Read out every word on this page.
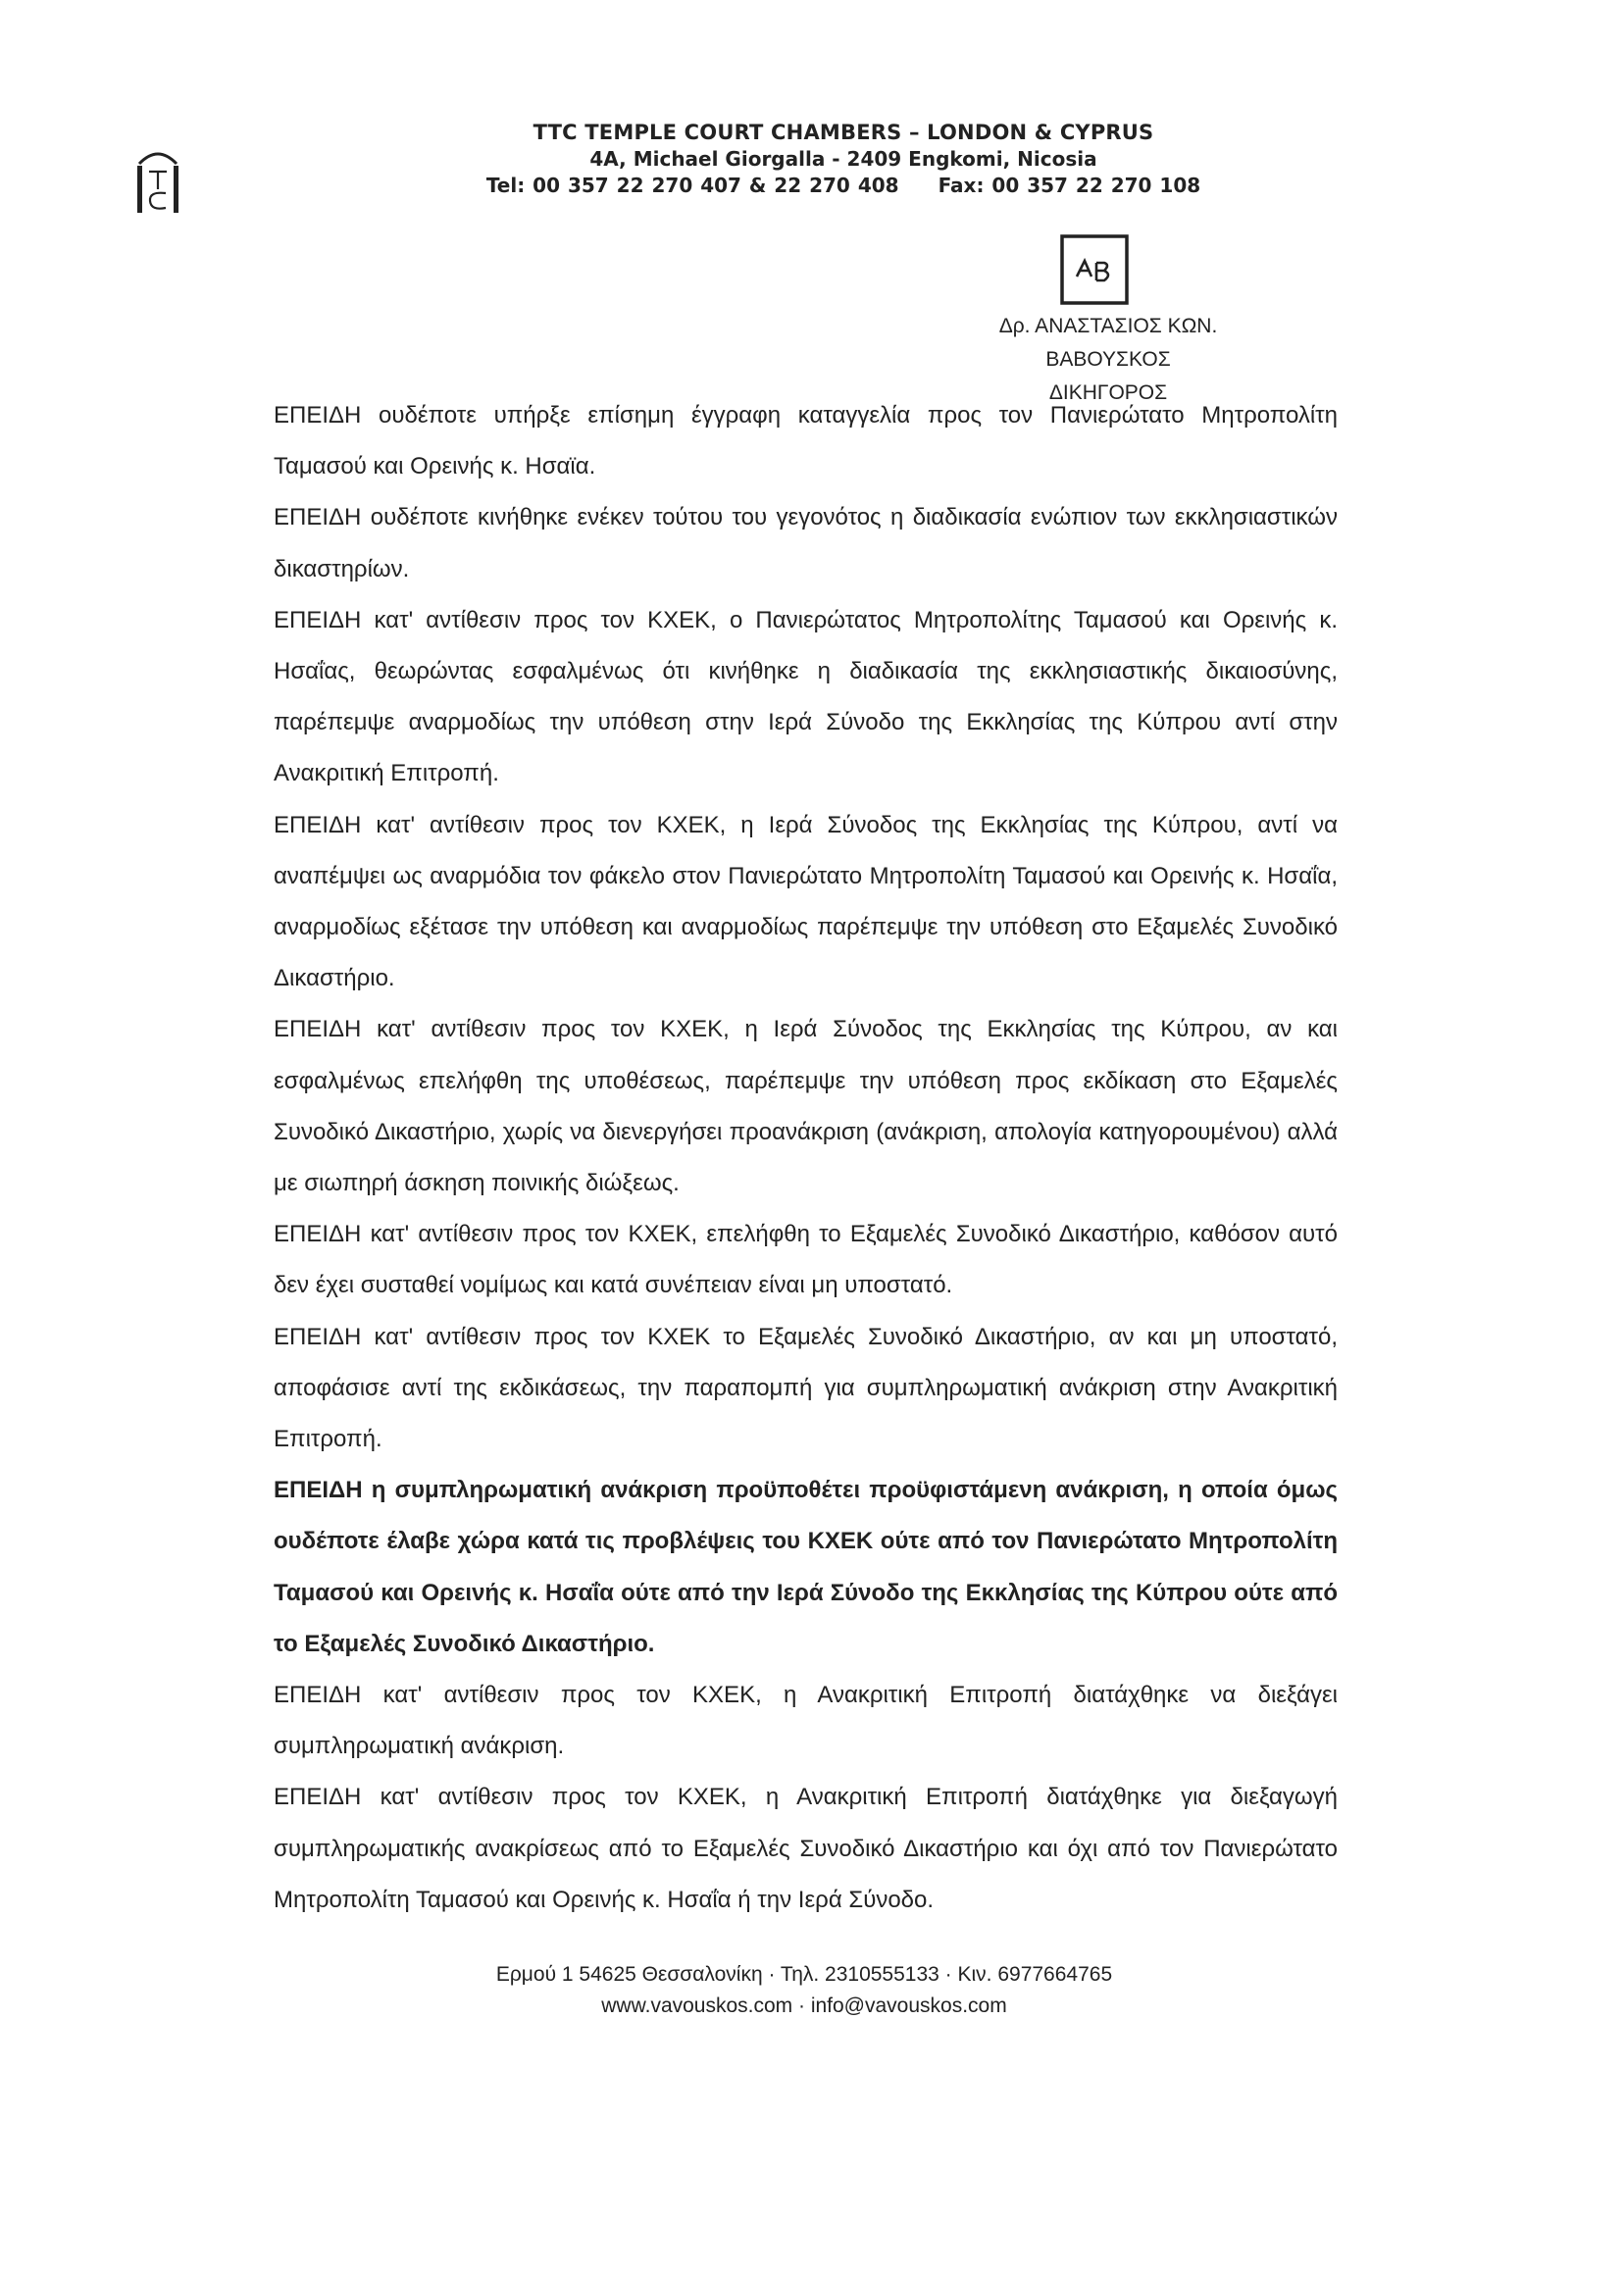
TTC TEMPLE COURT CHAMBERS – LONDON & CYPRUS
4A, Michael Giorgalla - 2409 Engkomi, Nicosia
Tel: 00 357 22 270 407 & 22 270 408 Fax: 00 357 22 270 108
Δρ. ΑΝΑΣΤΑΣΙΟΣ ΚΩΝ. ΒΑΒΟΥΣΚΟΣ
ΔΙΚΗΓΟΡΟΣ

ΕΠΕΙΔΗ ουδέποτε υπήρξε επίσημη έγγραφη καταγγελία προς τον Πανιερώτατο Μητροπολίτη Ταμασού και Ορεινής κ. Ησαϊα.

ΕΠΕΙΔΗ ουδέποτε κινήθηκε ενέκεν τούτου του γεγονότος η διαδικασία ενώπιον των εκκλησιαστικών δικαστηρίων.

ΕΠΕΙΔΗ κατ' αντίθεσιν προς τον ΚΧΕΚ, ο Πανιερώτατος Μητροπολίτης Ταμασού και Ορεινής κ. Ησαΐας, θεωρώντας εσφαλμένως ότι κινήθηκε η διαδικασία της εκκλησιαστικής δικαιοσύνης, παρέπεμψε αναρμοδίως την υπόθεση στην Ιερά Σύνοδο της Εκκλησίας της Κύπρου αντί στην Ανακριτική Επιτροπή.

ΕΠΕΙΔΗ κατ' αντίθεσιν προς τον ΚΧΕΚ, η Ιερά Σύνοδος της Εκκλησίας της Κύπρου, αντί να αναπέμψει ως αναρμόδια τον φάκελο στον Πανιερώτατο Μητροπολίτη Ταμασού και Ορεινής κ. Ησαΐα, αναρμοδίως εξέτασε την υπόθεση και αναρμοδίως παρέπεμψε την υπόθεση στο Εξαμελές Συνοδικό Δικαστήριο.

ΕΠΕΙΔΗ κατ' αντίθεσιν προς τον ΚΧΕΚ, η Ιερά Σύνοδος της Εκκλησίας της Κύπρου, αν και εσφαλμένως επελήφθη της υποθέσεως, παρέπεμψε την υπόθεση προς εκδίκαση στο Εξαμελές Συνοδικό Δικαστήριο, χωρίς να διενεργήσει προανάκριση (ανάκριση, απολογία κατηγορουμένου) αλλά με σιωπηρή άσκηση ποινικής διώξεως.

ΕΠΕΙΔΗ κατ' αντίθεσιν προς τον ΚΧΕΚ, επελήφθη το Εξαμελές Συνοδικό Δικαστήριο, καθόσον αυτό δεν έχει συσταθεί νομίμως και κατά συνέπειαν είναι μη υποστατό.

ΕΠΕΙΔΗ κατ' αντίθεσιν προς τον ΚΧΕΚ το Εξαμελές Συνοδικό Δικαστήριο, αν και μη υποστατό, αποφάσισε αντί της εκδικάσεως, την παραπομπή για συμπληρωματική ανάκριση στην Ανακριτική Επιτροπή.

ΕΠΕΙΔΗ η συμπληρωματική ανάκριση προϋποθέτει προϋφιστάμενη ανάκριση, η οποία όμως ουδέποτε έλαβε χώρα κατά τις προβλέψεις του ΚΧΕΚ ούτε από τον Πανιερώτατο Μητροπολίτη Ταμασού και Ορεινής κ. Ησαΐα ούτε από την Ιερά Σύνοδο της Εκκλησίας της Κύπρου ούτε από το Εξαμελές Συνοδικό Δικαστήριο.

ΕΠΕΙΔΗ κατ' αντίθεσιν προς τον ΚΧΕΚ, η Ανακριτική Επιτροπή διατάχθηκε να διεξάγει συμπληρωματική ανάκριση.

ΕΠΕΙΔΗ κατ' αντίθεσιν προς τον ΚΧΕΚ, η Ανακριτική Επιτροπή διατάχθηκε για διεξαγωγή συμπληρωματικής ανακρίσεως από το Εξαμελές Συνοδικό Δικαστήριο και όχι από τον Πανιερώτατο Μητροπολίτη Ταμασού και Ορεινής κ. Ησαΐα ή την Ιερά Σύνοδο.

Ερμού 1 54625 Θεσσαλονίκη · Τηλ. 2310555133 · Κιν. 6977664765
www.vavouskos.com · info@vavouskos.com
